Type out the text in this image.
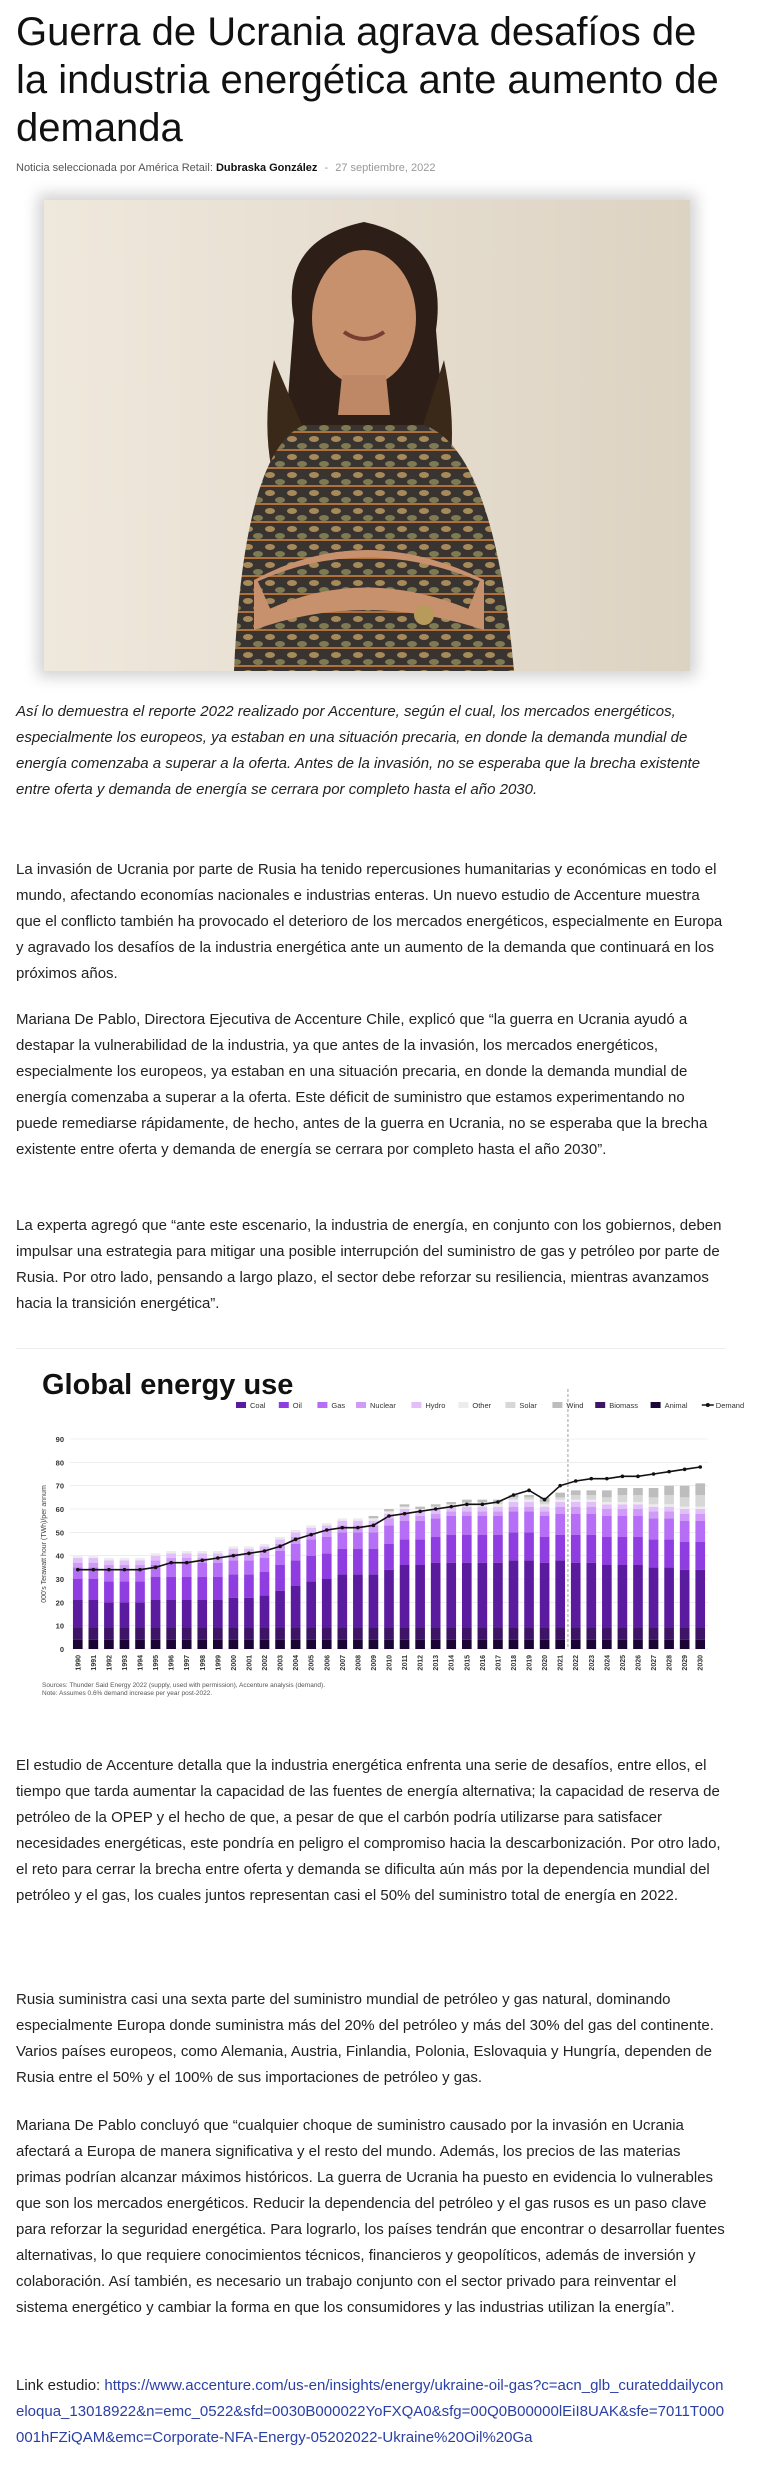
Guerra de Ucrania agrava desafíos de la industria energética ante aumento de demanda
Noticia seleccionada por América Retail: Dubraska González - 27 septiembre, 2022

Así lo demuestra el reporte 2022 realizado por Accenture, según el cual, los mercados energéticos, especialmente los europeos, ya estaban en una situación precaria, en donde la demanda mundial de energía comenzaba a superar a la oferta. Antes de la invasión, no se esperaba que la brecha existente entre oferta y demanda de energía se cerrara por completo hasta el año 2030.

La invasión de Ucrania por parte de Rusia ha tenido repercusiones humanitarias y económicas en todo el mundo, afectando economías nacionales e industrias enteras. Un nuevo estudio de Accenture muestra que el conflicto también ha provocado el deterioro de los mercados energéticos, especialmente en Europa y agravado los desafíos de la industria energética ante un aumento de la demanda que continuará en los próximos años.

Mariana De Pablo, Directora Ejecutiva de Accenture Chile, explicó que “la guerra en Ucrania ayudó a destapar la vulnerabilidad de la industria, ya que antes de la invasión, los mercados energéticos, especialmente los europeos, ya estaban en una situación precaria, en donde la demanda mundial de energía comenzaba a superar a la oferta. Este déficit de suministro que estamos experimentando no puede remediarse rápidamente, de hecho, antes de la guerra en Ucrania, no se esperaba que la brecha existente entre oferta y demanda de energía se cerrara por completo hasta el año 2030”.

La experta agregó que “ante este escenario, la industria de energía, en conjunto con los gobiernos, deben impulsar una estrategia para mitigar una posible interrupción del suministro de gas y petróleo por parte de Rusia. Por otro lado, pensando a largo plazo, el sector debe reforzar su resiliencia, mientras avanzamos hacia la transición energética”.

Global energy use
Coal	Oil	Gas	Nuclear	Hydro	Other	Solar	Wind	Biomass	Animal	Demand
0
10
20
30
40
50
60
70
80
90
000's Terawatt hour (TWh)/per annum
1990 1991 1992 1993 1994 1995 1996 1997 1998 1999 2000 2001 2002 2003 2004 2005 2006 2007 2008 2009 2010 2011 2012 2013 2014 2015 2016 2017 2018 2019 2020 2021 2022 2023 2024 2025 2026 2027 2028 2029 2030
Sources: Thunder Said Energy 2022 (supply, used with permission), Accenture analysis (demand).
Note: Assumes 0.6% demand increase per year post-2022.

El estudio de Accenture detalla que la industria energética enfrenta una serie de desafíos, entre ellos, el tiempo que tarda aumentar la capacidad de las fuentes de energía alternativa; la capacidad de reserva de petróleo de la OPEP y el hecho de que, a pesar de que el carbón podría utilizarse para satisfacer necesidades energéticas, este pondría en peligro el compromiso hacia la descarbonización. Por otro lado, el reto para cerrar la brecha entre oferta y demanda se dificulta aún más por la dependencia mundial del petróleo y el gas, los cuales juntos representan casi el 50% del suministro total de energía en 2022.

Rusia suministra casi una sexta parte del suministro mundial de petróleo y gas natural, dominando especialmente Europa donde suministra más del 20% del petróleo y más del 30% del gas del continente. Varios países europeos, como Alemania, Austria, Finlandia, Polonia, Eslovaquia y Hungría, dependen de Rusia entre el 50% y el 100% de sus importaciones de petróleo y gas.

Mariana De Pablo concluyó que “cualquier choque de suministro causado por la invasión en Ucrania afectará a Europa de manera significativa y el resto del mundo. Además, los precios de las materias primas podrían alcanzar máximos históricos. La guerra de Ucrania ha puesto en evidencia lo vulnerables que son los mercados energéticos. Reducir la dependencia del petróleo y el gas rusos es un paso clave para reforzar la seguridad energética. Para lograrlo, los países tendrán que encontrar o desarrollar fuentes alternativas, lo que requiere conocimientos técnicos, financieros y geopolíticos, además de inversión y colaboración. Así también, es necesario un trabajo conjunto con el sector privado para reinventar el sistema energético y cambiar la forma en que los consumidores y las industrias utilizan la energía”.

Link estudio: https://www.accenture.com/us-en/insights/energy/ukraine-oil-gas?c=acn_glb_curateddailyconeloqua_13018922&n=emc_0522&sfd=0030B000022YoFXQA0&sfg=00Q0B00000lEiI8UAK&sfe=7011T000001hFZiQAM&emc=Corporate-NFA-Energy-05202022-Ukraine%20Oil%20Ga
